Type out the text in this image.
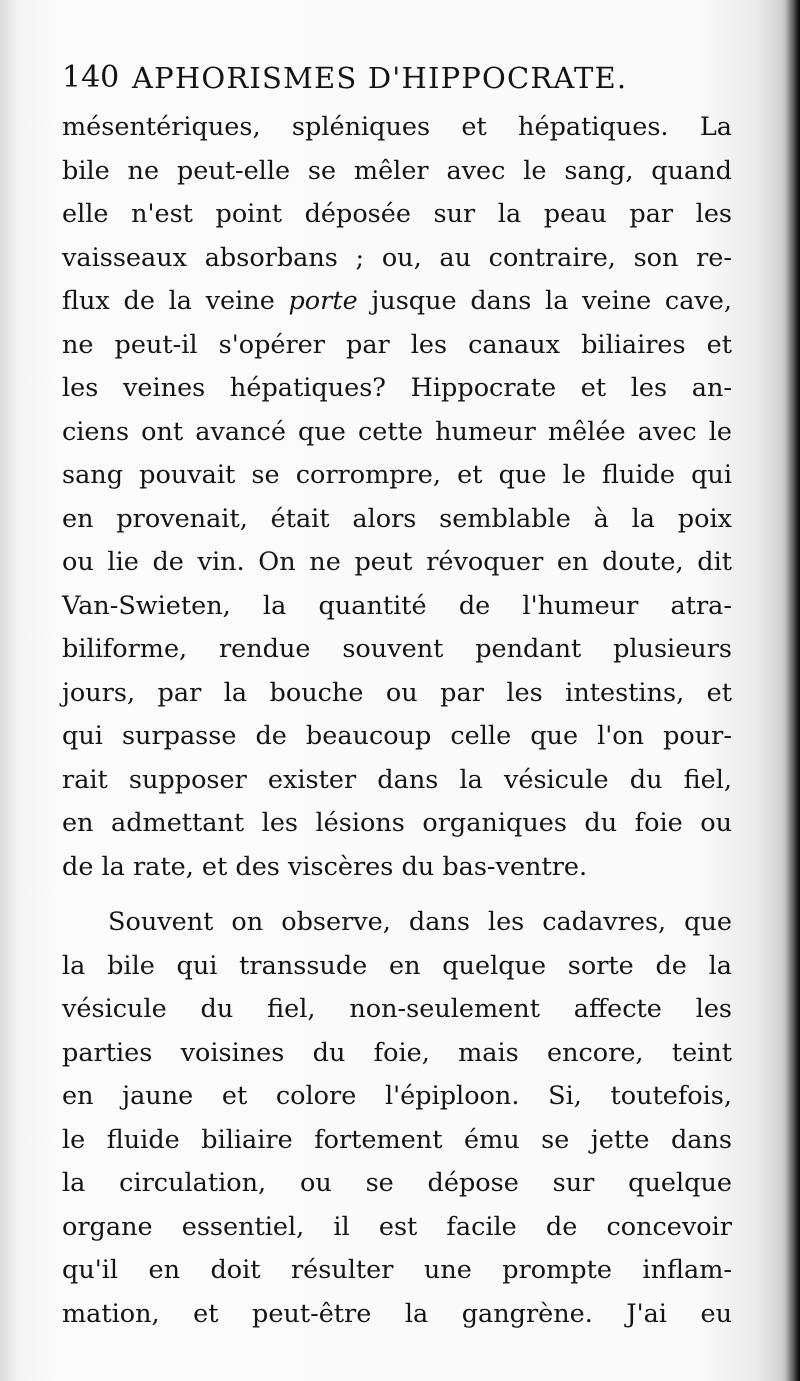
140 APHORISMES D'HIPPOCRATE.
mésentériques, spléniques et hépatiques. La
bile ne peut-elle se mêler avec le sang, quand
elle n'est point déposée sur la peau par les
vaisseaux absorbans ; ou, au contraire, son re-
flux de la veine porte jusque dans la veine cave,
ne peut-il s'opérer par les canaux biliaires et
les veines hépatiques? Hippocrate et les an-
ciens ont avancé que cette humeur mêlée avec le
sang pouvait se corrompre, et que le fluide qui
en provenait, était alors semblable à la poix
ou lie de vin. On ne peut révoquer en doute, dit
Van-Swieten, la quantité de l'humeur atra-
biliforme, rendue souvent pendant plusieurs
jours, par la bouche ou par les intestins, et
qui surpasse de beaucoup celle que l'on pour-
rait supposer exister dans la vésicule du fiel,
en admettant les lésions organiques du foie ou
de la rate, et des viscères du bas-ventre.
Souvent on observe, dans les cadavres, que
la bile qui transsude en quelque sorte de la
vésicule du fiel, non-seulement affecte les
parties voisines du foie, mais encore, teint
en jaune et colore l'épiploon. Si, toutefois,
le fluide biliaire fortement ému se jette dans
la circulation, ou se dépose sur quelque
organe essentiel, il est facile de concevoir
qu'il en doit résulter une prompte inflam-
mation, et peut-être la gangrène. J'ai eu
